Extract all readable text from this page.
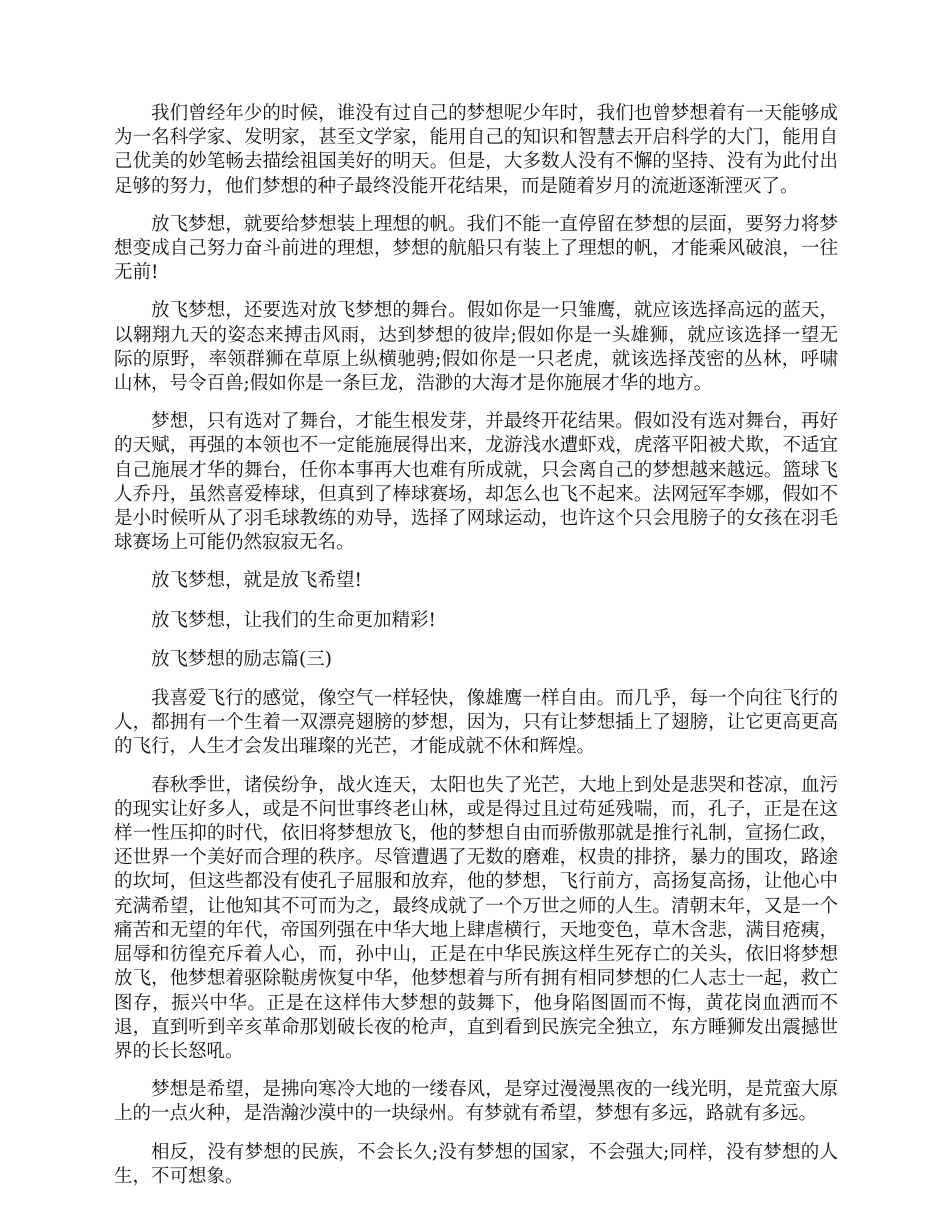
我们曾经年少的时候，谁没有过自己的梦想呢少年时，我们也曾梦想着有一天能够成为一名科学家、发明家，甚至文学家，能用自己的知识和智慧去开启科学的大门，能用自己优美的妙笔畅去描绘祖国美好的明天。但是，大多数人没有不懈的坚持、没有为此付出足够的努力，他们梦想的种子最终没能开花结果，而是随着岁月的流逝逐渐湮灭了。

放飞梦想，就要给梦想装上理想的帆。我们不能一直停留在梦想的层面，要努力将梦想变成自己努力奋斗前进的理想，梦想的航船只有装上了理想的帆，才能乘风破浪，一往无前!

放飞梦想，还要选对放飞梦想的舞台。假如你是一只雏鹰，就应该选择高远的蓝天，以翱翔九天的姿态来搏击风雨，达到梦想的彼岸;假如你是一头雄狮，就应该选择一望无际的原野，率领群狮在草原上纵横驰骋;假如你是一只老虎，就该选择茂密的丛林，呼啸山林，号令百兽;假如你是一条巨龙，浩渺的大海才是你施展才华的地方。

梦想，只有选对了舞台，才能生根发芽，并最终开花结果。假如没有选对舞台，再好的天赋，再强的本领也不一定能施展得出来，龙游浅水遭虾戏，虎落平阳被犬欺，不适宜自己施展才华的舞台，任你本事再大也难有所成就，只会离自己的梦想越来越远。篮球飞人乔丹，虽然喜爱棒球，但真到了棒球赛场，却怎么也飞不起来。法网冠军李娜，假如不是小时候听从了羽毛球教练的劝导，选择了网球运动，也许这个只会甩膀子的女孩在羽毛球赛场上可能仍然寂寂无名。

放飞梦想，就是放飞希望!

放飞梦想，让我们的生命更加精彩!

放飞梦想的励志篇(三)

我喜爱飞行的感觉，像空气一样轻快，像雄鹰一样自由。而几乎，每一个向往飞行的人，都拥有一个生着一双漂亮翅膀的梦想，因为，只有让梦想插上了翅膀，让它更高更高的飞行，人生才会发出璀璨的光芒，才能成就不休和辉煌。

春秋季世，诸侯纷争，战火连天，太阳也失了光芒，大地上到处是悲哭和苍凉，血污的现实让好多人，或是不问世事终老山林，或是得过且过苟延残喘，而，孔子，正是在这样一性压抑的时代，依旧将梦想放飞，他的梦想自由而骄傲那就是推行礼制，宣扬仁政，还世界一个美好而合理的秩序。尽管遭遇了无数的磨难，权贵的排挤，暴力的围攻，路途的坎坷，但这些都没有使孔子屈服和放弃，他的梦想，飞行前方，高扬复高扬，让他心中充满希望，让他知其不可而为之，最终成就了一个万世之师的人生。清朝末年，又是一个痛苦和无望的年代，帝国列强在中华大地上肆虐横行，天地变色，草木含悲，满目疮痍，屈辱和彷徨充斥着人心，而，孙中山，正是在中华民族这样生死存亡的关头，依旧将梦想放飞，他梦想着驱除鞑虏恢复中华，他梦想着与所有拥有相同梦想的仁人志士一起，救亡图存，振兴中华。正是在这样伟大梦想的鼓舞下，他身陷图圄而不悔，黄花岗血洒而不退，直到听到辛亥革命那划破长夜的枪声，直到看到民族完全独立，东方睡狮发出震撼世界的长长怒吼。

梦想是希望，是拂向寒冷大地的一缕春风，是穿过漫漫黑夜的一线光明，是荒蛮大原上的一点火种，是浩瀚沙漠中的一块绿州。有梦就有希望，梦想有多远，路就有多远。

相反，没有梦想的民族，不会长久;没有梦想的国家，不会强大;同样，没有梦想的人生，不可想象。
